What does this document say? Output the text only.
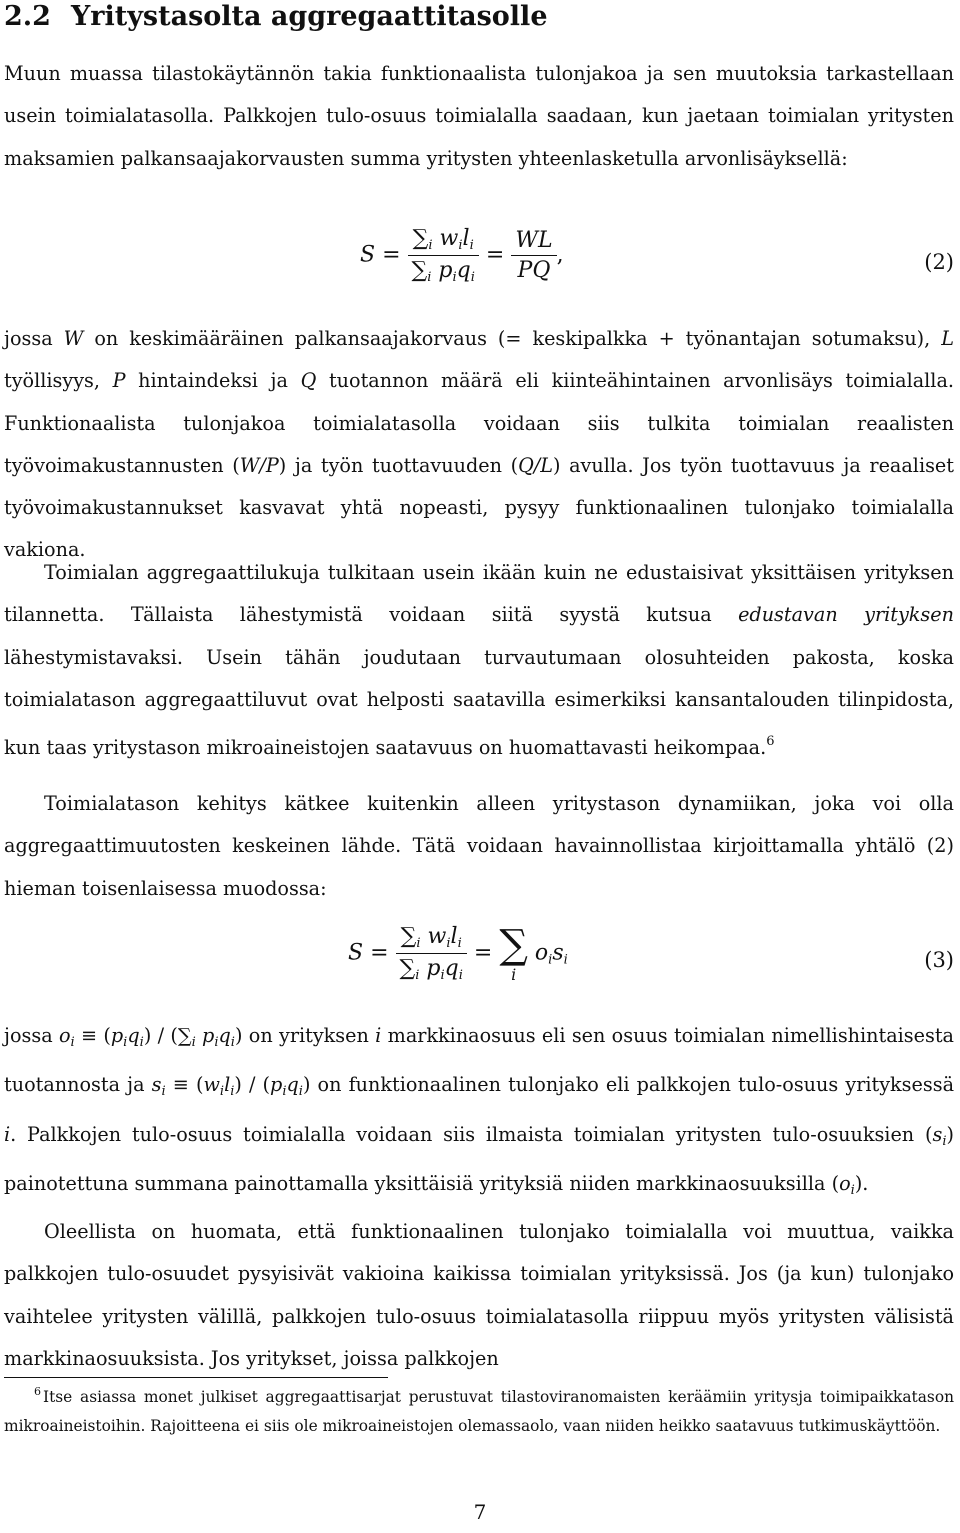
2.2 Yritystasolta aggregaattitasolle

Muun muassa tilastokäytännön takia funktionaalista tulonjakoa ja sen muutoksia tarkastellaan usein toimialatasolla. Palkkojen tulo-osuus toimialalla saadaan, kun jaetaan toimialan yritysten maksamien palkansaajakorvausten summa yritysten yhteenlasketulla arvonlisäyksellä:

$S = \frac{\sum_i w_il_i}{\sum_i p_iq_i} = \frac{WL}{PQ}$ ,	(2)

jossa W on keskimääräinen palkansaajakorvaus (= keskipalkka + työnantajan sotumaksu), L työllisyys, P hintaindeksi ja Q tuotannon määrä eli kiinteähintainen arvonlisäys toimialalla. Funktionaalista tulonjakoa toimialatasolla voidaan siis tulkita toimialan reaalisten työvoimakustannusten (W/P) ja työn tuottavuuden (Q/L) avulla. Jos työn tuottavuus ja reaaliset työvoimakustannukset kasvavat yhtä nopeasti, pysyy funktionaalinen tulonjako toimialalla vakiona.

Toimialan aggregaattilukuja tulkitaan usein ikään kuin ne edustaisivat yksittäisen yrityksen tilannetta. Tällaista lähestymistä voidaan siitä syystä kutsua edustavan yrityksen lähestymistavaksi. Usein tähän joudutaan turvautumaan olosuhteiden pakosta, koska toimialatason aggregaattiluvut ovat helposti saatavilla esimerkiksi kansantalouden tilinpidosta, kun taas yritystason mikroaineistojen saatavuus on huomattavasti heikompaa.$^6$

Toimialatason kehitys kätkee kuitenkin alleen yritystason dynamiikan, joka voi olla aggregaattimuutosten keskeinen lähde. Tätä voidaan havainnollistaa kirjoittamalla yhtälö (2) hieman toisenlaisessa muodossa:

$S = \frac{\sum_i w_il_i}{\sum_i p_iq_i}$ = ∑
i
$o_is_i$	(3)

jossa $o_i \equiv (p_iq_i) / (\sum_i$ $p_iq_i$) on yrityksen i markkinaosuus eli sen osuus toimialan nimellishintaisesta tuotannosta ja $s_i \equiv (w_il_i) / (p_iq_i)$ on funktionaalinen tulonjako eli palkkojen tulo-osuus yrityksessä i. Palkkojen tulo-osuus toimialalla voidaan siis ilmaista toimialan yritysten tulo-osuuksien $(s_i)$ painotettuna summana painottamalla yksittäisiä yrityksiä niiden markkinaosuuksilla $(o_i)$.

Oleellista on huomata, että funktionaalinen tulonjako toimialalla voi muuttua, vaikka palkkojen tulo-osuudet pysyisivät vakioina kaikissa toimialan yrityksissä. Jos (ja kun) tulonjako vaihtelee yritysten välillä, palkkojen tulo-osuus toimialatasolla riippuu myös yritysten välisistä markkinaosuuksista. Jos yritykset, joissa palkkojen

$^6$ Itse asiassa monet julkiset aggregaattisarjat perustuvat tilastoviranomaisten keräämiin yritysja toimipaikkatason mikroaineistoihin. Rajoitteena ei siis ole mikroaineistojen olemassaolo, vaan niiden heikko saatavuus tutkimuskäyttöön.

7
